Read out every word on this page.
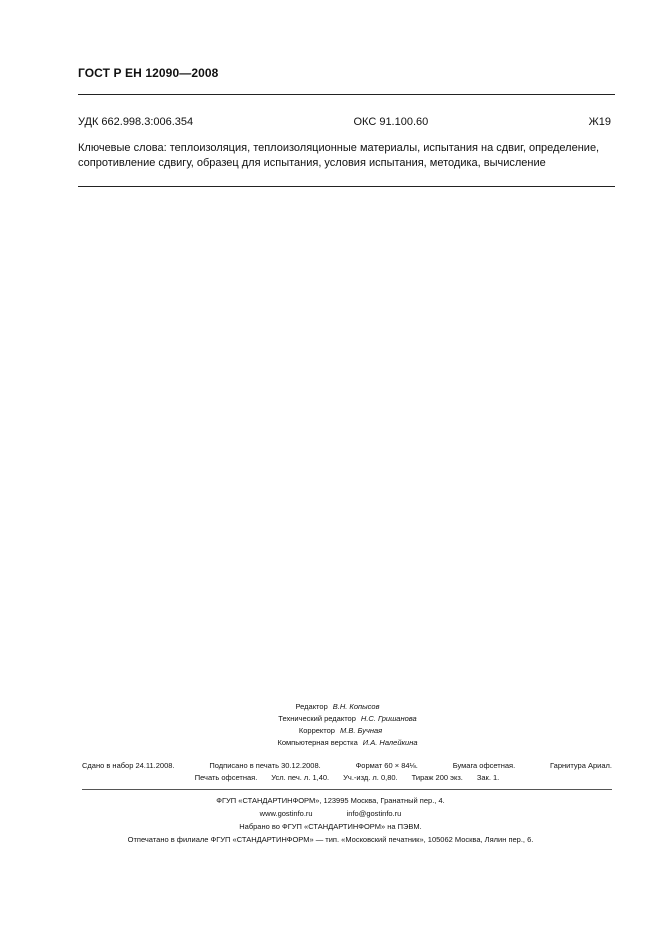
ГОСТ Р ЕН 12090—2008
УДК 662.998.3:006.354	ОКС 91.100.60	Ж19
Ключевые слова: теплоизоляция, теплоизоляционные материалы, испытания на сдвиг, определение,
сопротивление сдвигу, образец для испытания, условия испытания, методика, вычисление
Редактор В.Н. Копысов
Технический редактор Н.С. Гришанова
Корректор М.В. Бучная
Компьютерная верстка И.А. Налейкина
Сдано в набор 24.11.2008.	Подписано в печать 30.12.2008.	Формат 60 × 84⅛.	Бумага офсетная.	Гарнитура Ариал.
Печать офсетная. Усл. печ. л. 1,40. Уч.-изд. л. 0,80. Тираж 200 экз. Зак. 1.
ФГУП «СТАНДАРТИНФОРМ», 123995 Москва, Гранатный пер., 4.
www.gostinfo.ru	info@gostinfo.ru
Набрано во ФГУП «СТАНДАРТИНФОРМ» на ПЭВМ.
Отпечатано в филиале ФГУП «СТАНДАРТИНФОРМ» — тип. «Московский печатник», 105062 Москва, Лялин пер., 6.
